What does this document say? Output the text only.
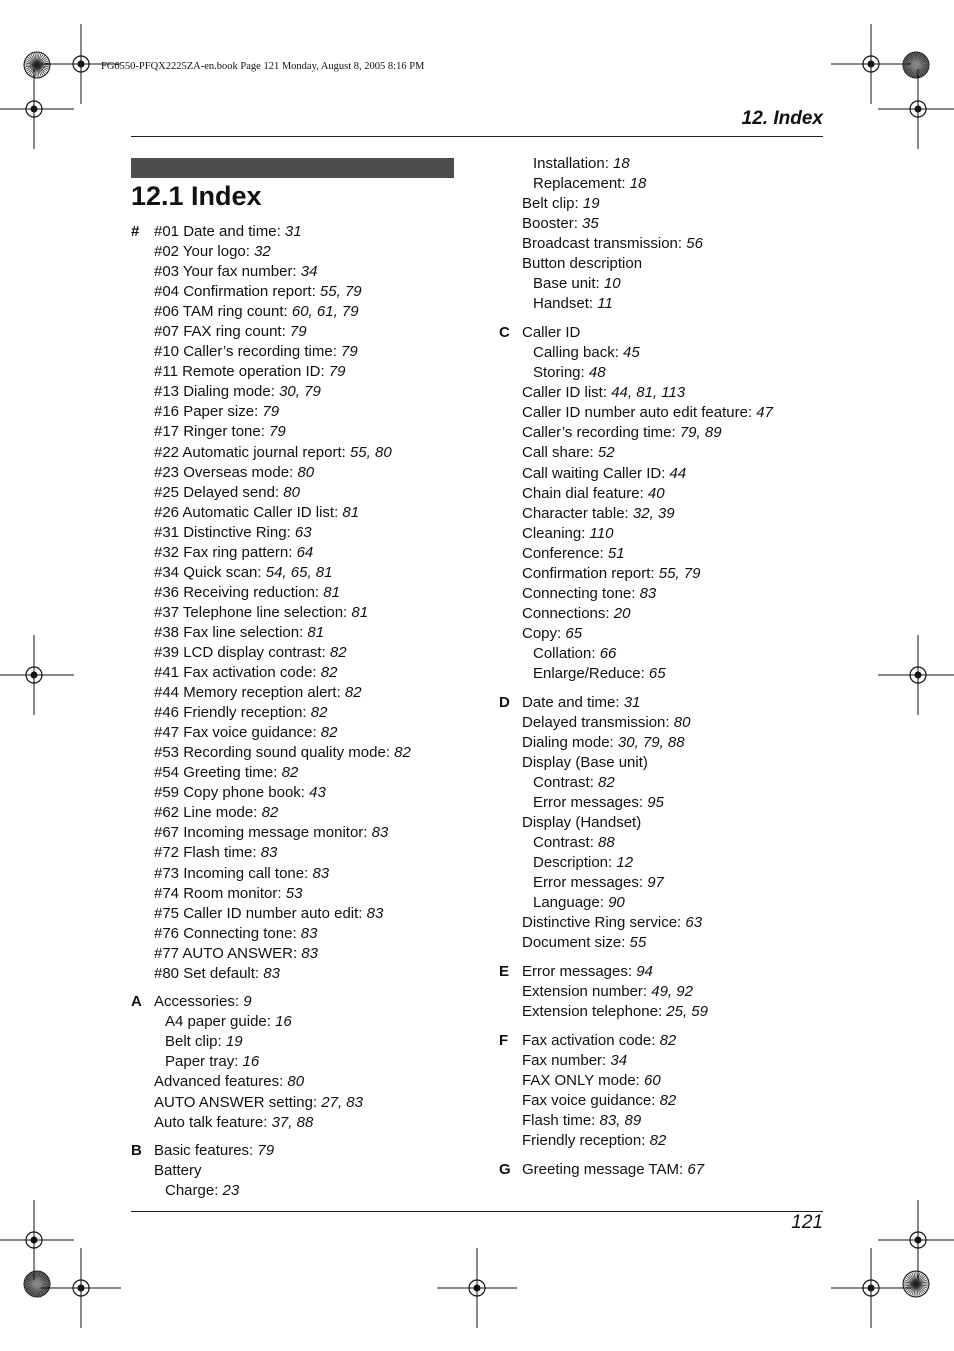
FG6550-PFQX2225ZA-en.book Page 121 Monday, August 8, 2005 8:16 PM
12. Index
12.1 Index
# #01 Date and time: 31
#02 Your logo: 32
#03 Your fax number: 34
#04 Confirmation report: 55, 79
#06 TAM ring count: 60, 61, 79
#07 FAX ring count: 79
#10 Caller’s recording time: 79
#11 Remote operation ID: 79
#13 Dialing mode: 30, 79
#16 Paper size: 79
#17 Ringer tone: 79
#22 Automatic journal report: 55, 80
#23 Overseas mode: 80
#25 Delayed send: 80
#26 Automatic Caller ID list: 81
#31 Distinctive Ring: 63
#32 Fax ring pattern: 64
#34 Quick scan: 54, 65, 81
#36 Receiving reduction: 81
#37 Telephone line selection: 81
#38 Fax line selection: 81
#39 LCD display contrast: 82
#41 Fax activation code: 82
#44 Memory reception alert: 82
#46 Friendly reception: 82
#47 Fax voice guidance: 82
#53 Recording sound quality mode: 82
#54 Greeting time: 82
#59 Copy phone book: 43
#62 Line mode: 82
#67 Incoming message monitor: 83
#72 Flash time: 83
#73 Incoming call tone: 83
#74 Room monitor: 53
#75 Caller ID number auto edit: 83
#76 Connecting tone: 83
#77 AUTO ANSWER: 83
#80 Set default: 83
A Accessories: 9
A4 paper guide: 16
Belt clip: 19
Paper tray: 16
Advanced features: 80
AUTO ANSWER setting: 27, 83
Auto talk feature: 37, 88
B Basic features: 79
Battery
Charge: 23
Installation: 18
Replacement: 18
Belt clip: 19
Booster: 35
Broadcast transmission: 56
Button description
Base unit: 10
Handset: 11
C Caller ID
Calling back: 45
Storing: 48
Caller ID list: 44, 81, 113
Caller ID number auto edit feature: 47
Caller’s recording time: 79, 89
Call share: 52
Call waiting Caller ID: 44
Chain dial feature: 40
Character table: 32, 39
Cleaning: 110
Conference: 51
Confirmation report: 55, 79
Connecting tone: 83
Connections: 20
Copy: 65
Collation: 66
Enlarge/Reduce: 65
D Date and time: 31
Delayed transmission: 80
Dialing mode: 30, 79, 88
Display (Base unit)
Contrast: 82
Error messages: 95
Display (Handset)
Contrast: 88
Description: 12
Error messages: 97
Language: 90
Distinctive Ring service: 63
Document size: 55
E Error messages: 94
Extension number: 49, 92
Extension telephone: 25, 59
F Fax activation code: 82
Fax number: 34
FAX ONLY mode: 60
Fax voice guidance: 82
Flash time: 83, 89
Friendly reception: 82
G Greeting message TAM: 67
121
